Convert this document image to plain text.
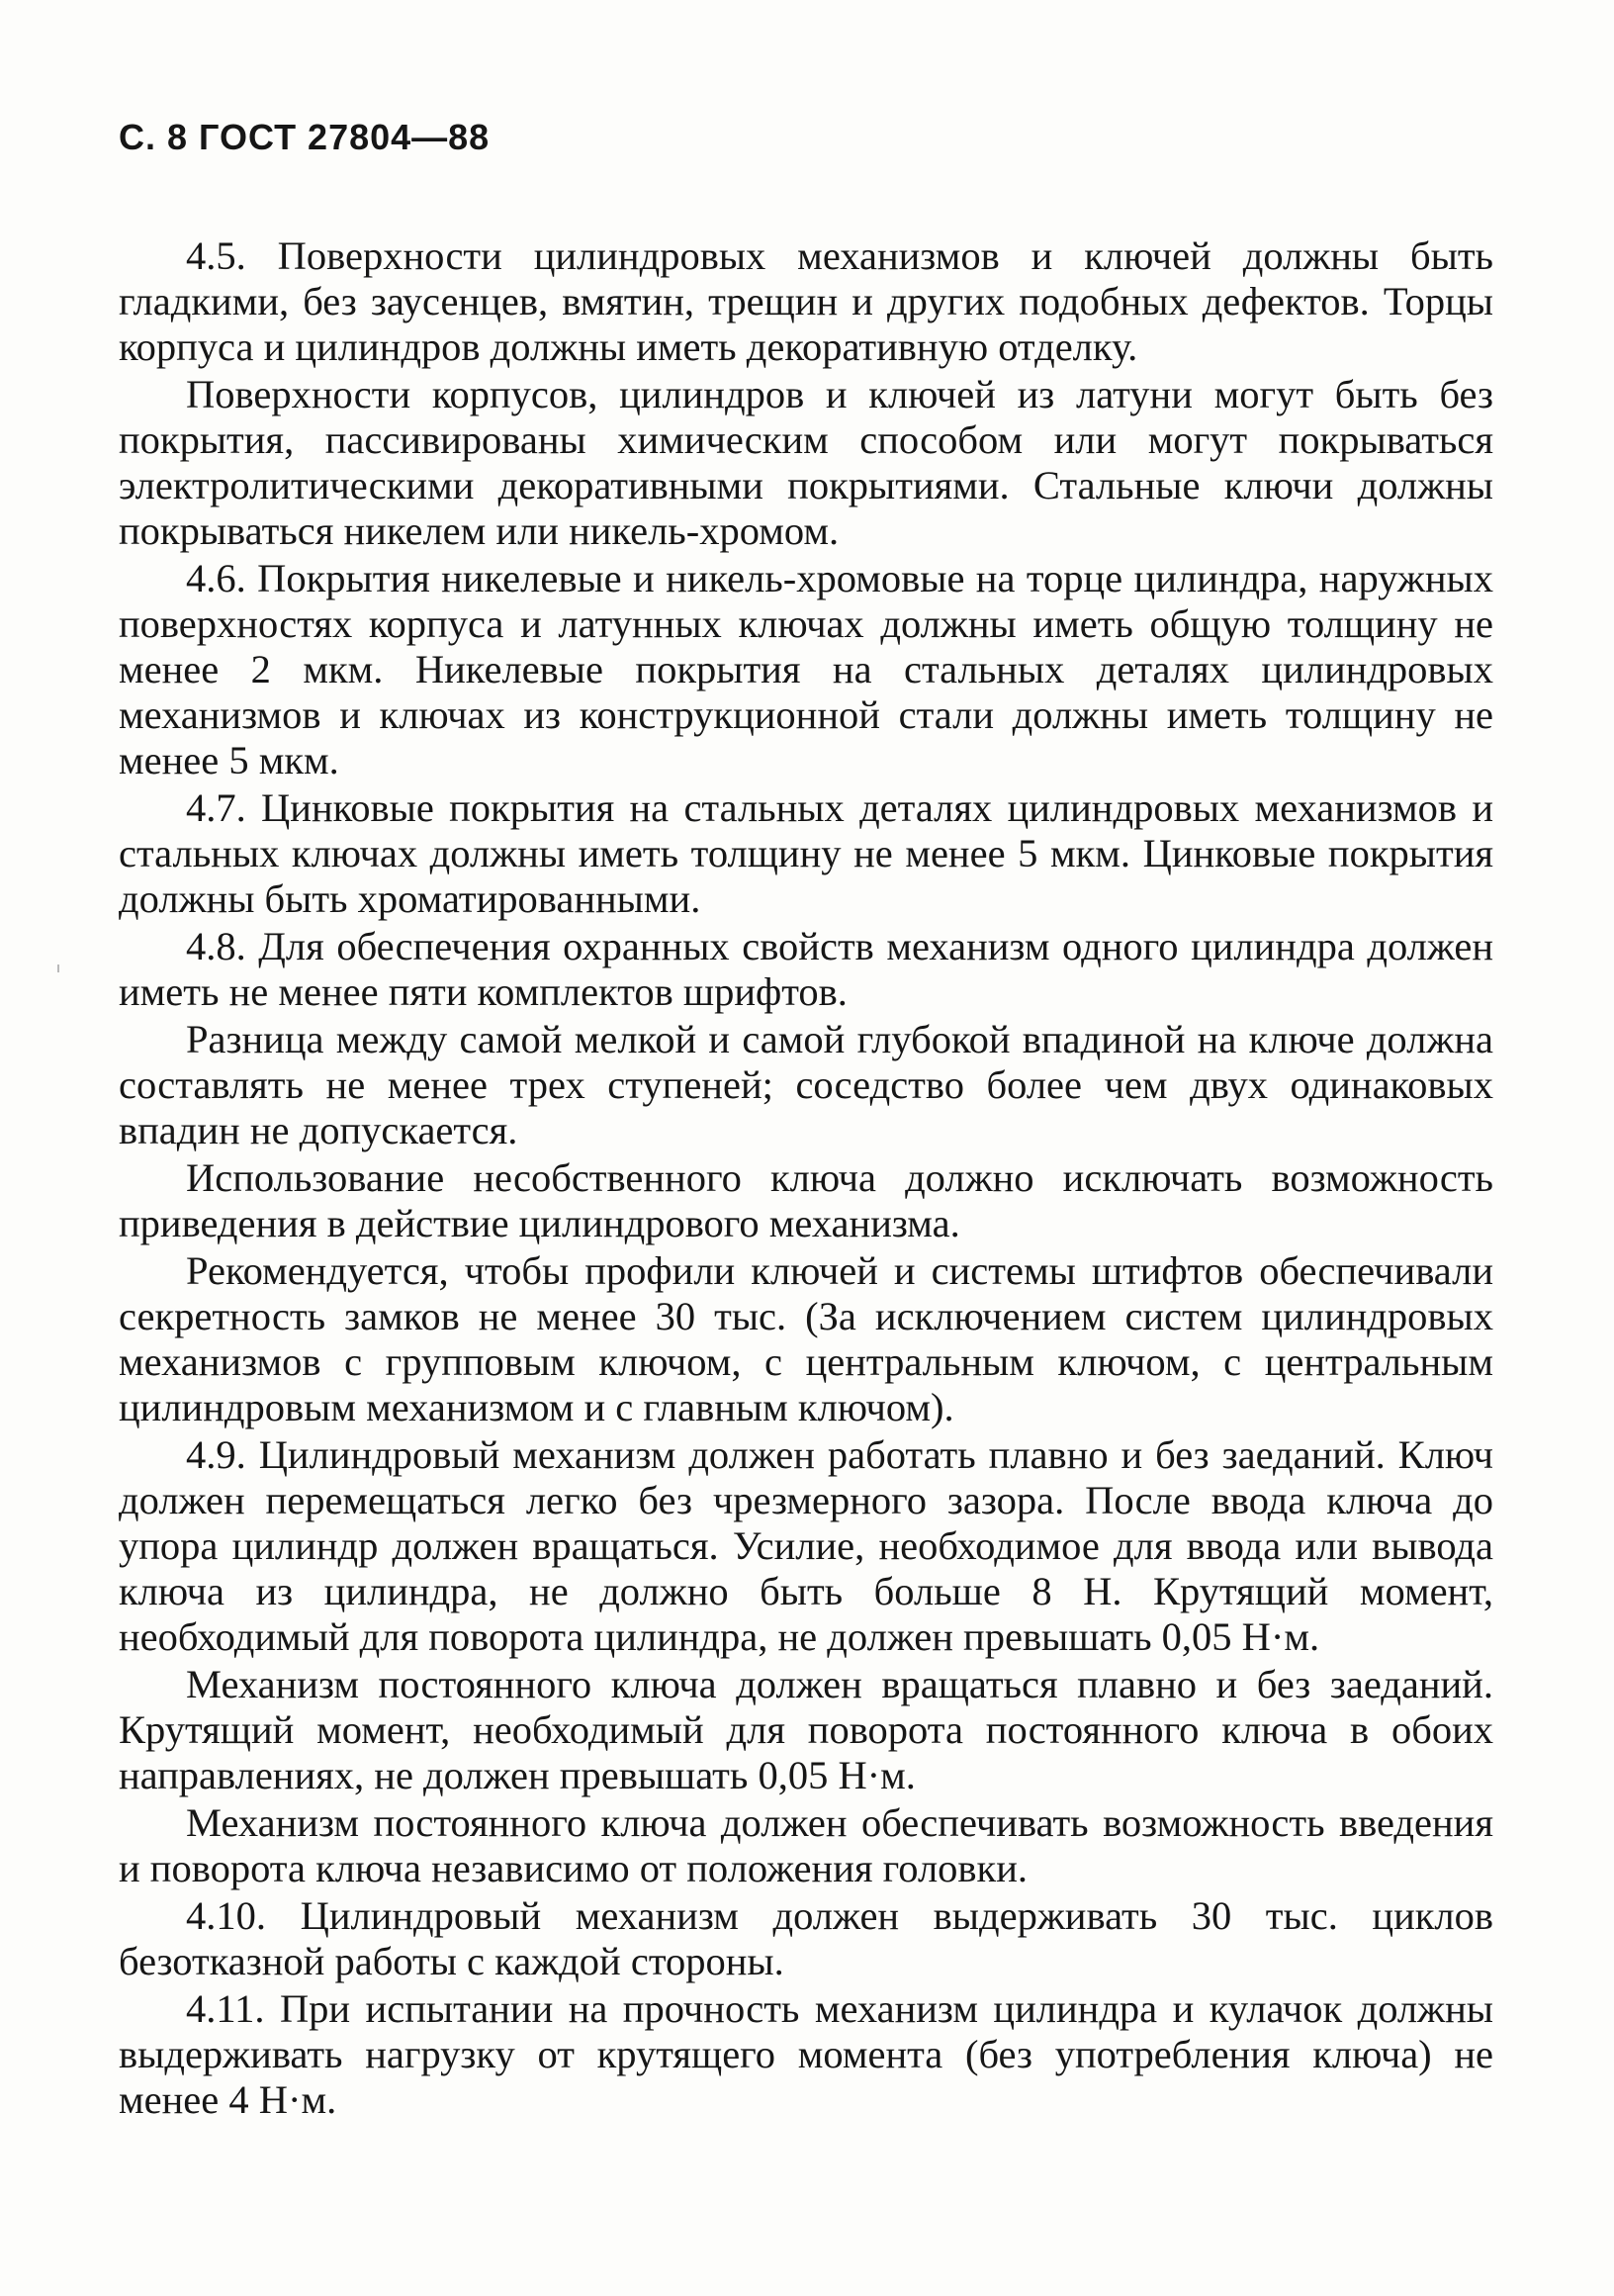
С. 8 ГОСТ 27804—88

4.5. Поверхности цилиндровых механизмов и ключей должны быть гладкими, без заусенцев, вмятин, трещин и других подобных дефектов. Торцы корпуса и цилиндров должны иметь декоративную отделку.

Поверхности корпусов, цилиндров и ключей из латуни могут быть без покрытия, пассивированы химическим способом или могут покрываться электролитическими декоративными покрытиями. Стальные ключи должны покрываться никелем или никель-хромом.

4.6. Покрытия никелевые и никель-хромовые на торце цилиндра, наружных поверхностях корпуса и латунных ключах должны иметь общую толщину не менее 2 мкм. Никелевые покрытия на стальных деталях цилиндровых механизмов и ключах из конструкционной стали должны иметь толщину не менее 5 мкм.

4.7. Цинковые покрытия на стальных деталях цилиндровых механизмов и стальных ключах должны иметь толщину не менее 5 мкм. Цинковые покрытия должны быть хроматированными.

4.8. Для обеспечения охранных свойств механизм одного цилиндра должен иметь не менее пяти комплектов шрифтов.

Разница между самой мелкой и самой глубокой впадиной на ключе должна составлять не менее трех ступеней; соседство более чем двух одинаковых впадин не допускается.

Использование несобственного ключа должно исключать возможность приведения в действие цилиндрового механизма.

Рекомендуется, чтобы профили ключей и системы штифтов обеспечивали секретность замков не менее 30 тыс. (За исключением систем цилиндровых механизмов с групповым ключом, с центральным ключом, с центральным цилиндровым механизмом и с главным ключом).

4.9. Цилиндровый механизм должен работать плавно и без заеданий. Ключ должен перемещаться легко без чрезмерного зазора. После ввода ключа до упора цилиндр должен вращаться. Усилие, необходимое для ввода или вывода ключа из цилиндра, не должно быть больше 8 Н. Крутящий момент, необходимый для поворота цилиндра, не должен превышать 0,05 Н·м.

Механизм постоянного ключа должен вращаться плавно и без заеданий. Крутящий момент, необходимый для поворота постоянного ключа в обоих направлениях, не должен превышать 0,05 Н·м.

Механизм постоянного ключа должен обеспечивать возможность введения и поворота ключа независимо от положения головки.

4.10. Цилиндровый механизм должен выдерживать 30 тыс. циклов безотказной работы с каждой стороны.

4.11. При испытании на прочность механизм цилиндра и кулачок должны выдерживать нагрузку от крутящего момента (без употребления ключа) не менее 4 Н·м.
